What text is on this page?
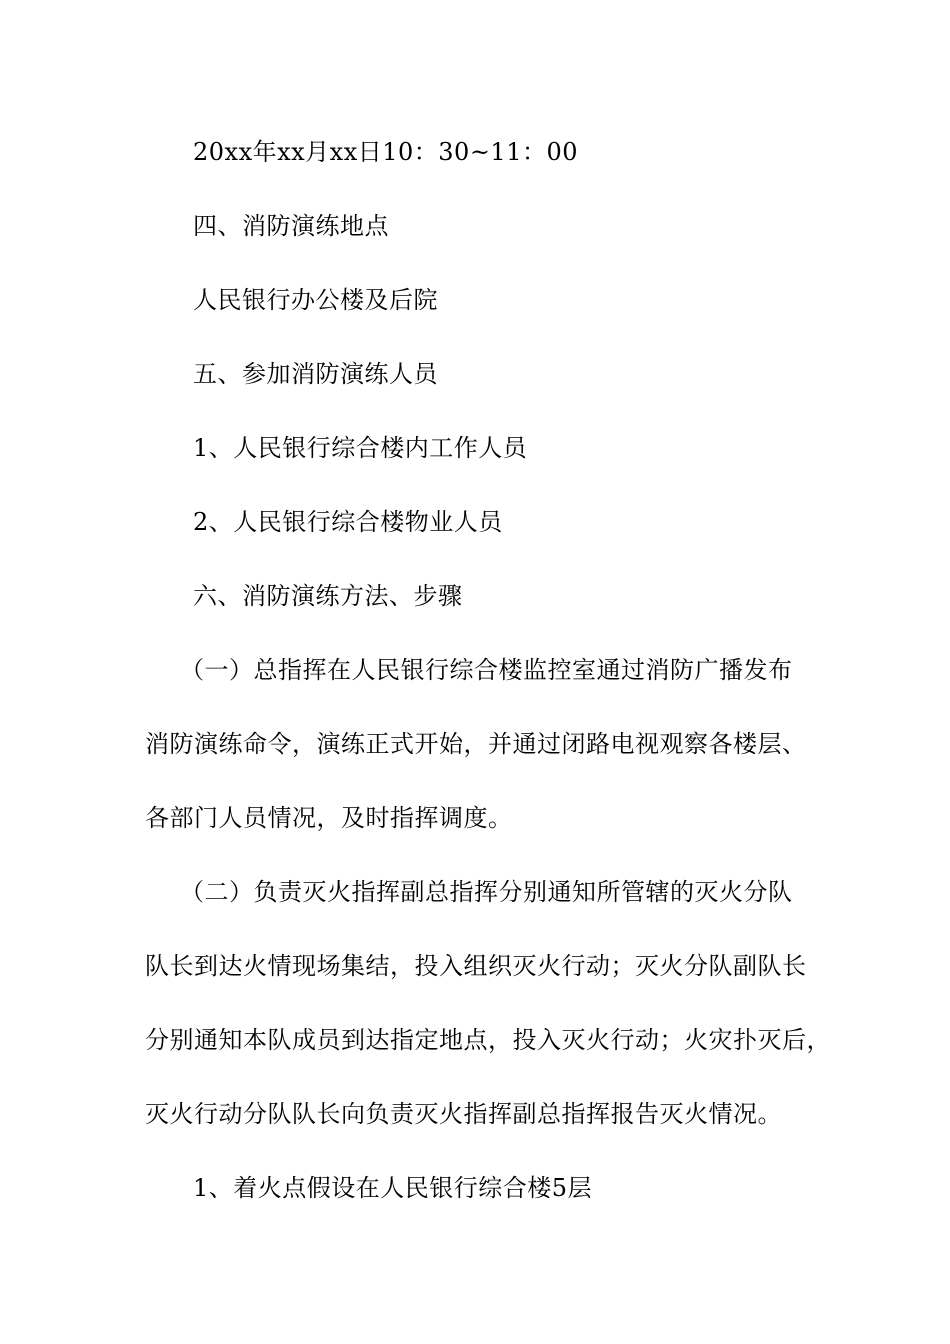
20xx年xx月xx日10：30~11：00
四、消防演练地点
人民银行办公楼及后院
五、参加消防演练人员
1、人民银行综合楼内工作人员
2、人民银行综合楼物业人员
六、消防演练方法、步骤
（一）总指挥在人民银行综合楼监控室通过消防广播发布
消防演练命令，演练正式开始，并通过闭路电视观察各楼层、
各部门人员情况，及时指挥调度。
（二）负责灭火指挥副总指挥分别通知所管辖的灭火分队
队长到达火情现场集结，投入组织灭火行动；灭火分队副队长
分别通知本队成员到达指定地点，投入灭火行动；火灾扑灭后，
灭火行动分队队长向负责灭火指挥副总指挥报告灭火情况。
1、着火点假设在人民银行综合楼5层
